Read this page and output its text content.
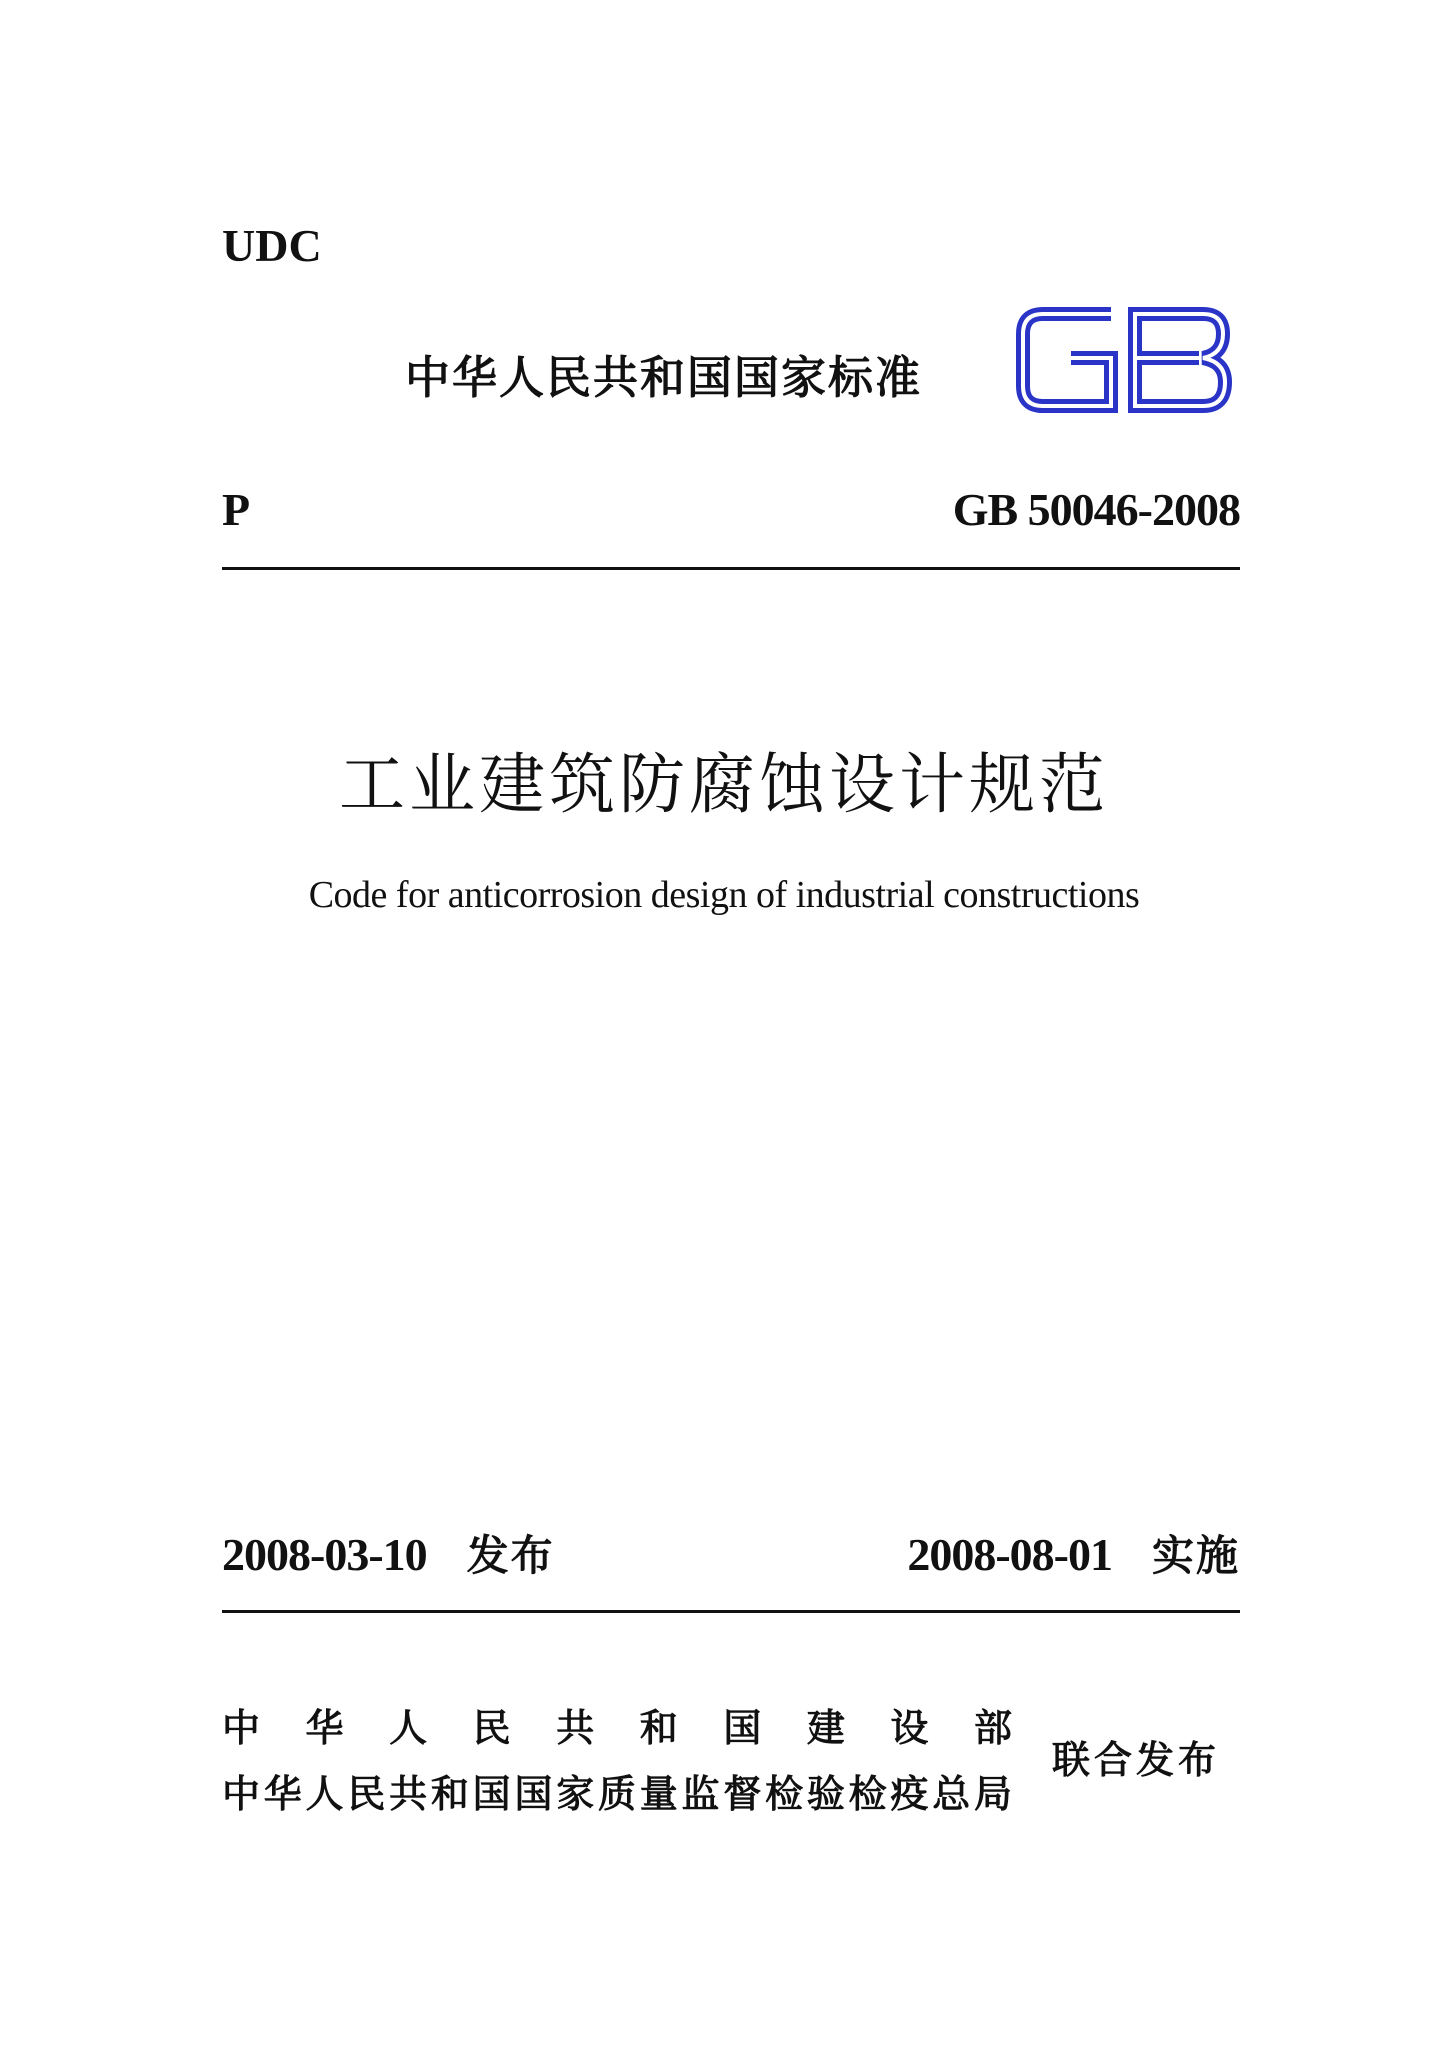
UDC
中华人民共和国国家标准
P	GB 50046-2008
工业建筑防腐蚀设计规范
Code for anticorrosion design of industrial constructions
2008-03-10 发布	2008-08-01 实施
中 华 人 民 共 和 国 建 设 部
中华人民共和国国家质量监督检验检疫总局
联合发布
